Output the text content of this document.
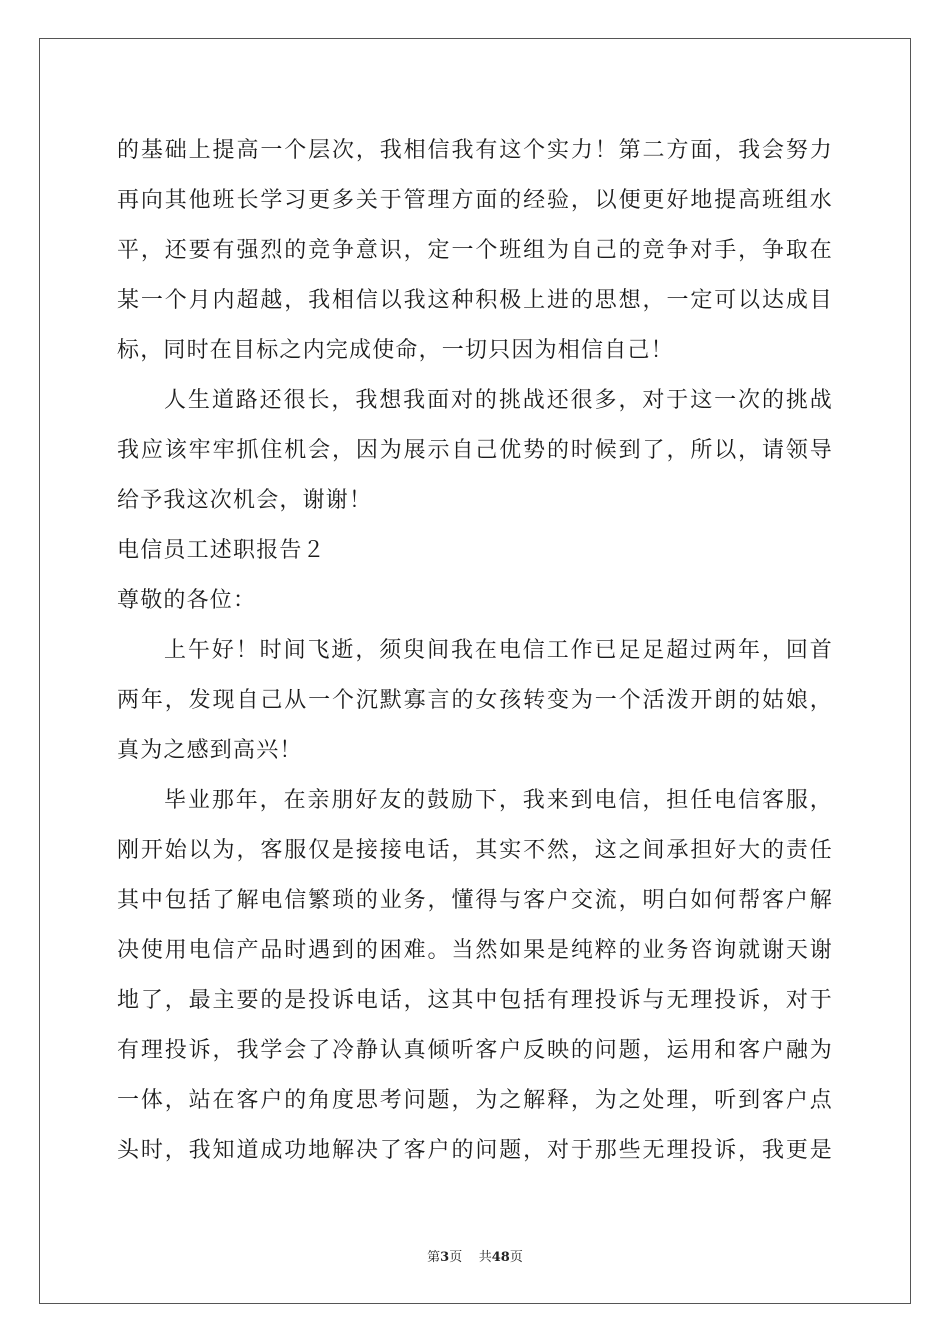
的基础上提高一个层次，我相信我有这个实力！第二方面，我会努力
再向其他班长学习更多关于管理方面的经验，以便更好地提高班组水
平，还要有强烈的竞争意识，定一个班组为自己的竞争对手，争取在
某一个月内超越，我相信以我这种积极上进的思想，一定可以达成目
标，同时在目标之内完成使命，一切只因为相信自己！
人生道路还很长，我想我面对的挑战还很多，对于这一次的挑战
我应该牢牢抓住机会，因为展示自己优势的时候到了，所以，请领导
给予我这次机会，谢谢！
电信员工述职报告２
尊敬的各位：
上午好！时间飞逝，须臾间我在电信工作已足足超过两年，回首
两年，发现自己从一个沉默寡言的女孩转变为一个活泼开朗的姑娘，
真为之感到高兴！
毕业那年，在亲朋好友的鼓励下，我来到电信，担任电信客服，
刚开始以为，客服仅是接接电话，其实不然，这之间承担好大的责任
其中包括了解电信繁琐的业务，懂得与客户交流，明白如何帮客户解
决使用电信产品时遇到的困难。当然如果是纯粹的业务咨询就谢天谢
地了，最主要的是投诉电话，这其中包括有理投诉与无理投诉，对于
有理投诉，我学会了冷静认真倾听客户反映的问题，运用和客户融为
一体，站在客户的角度思考问题，为之解释，为之处理，听到客户点
头时，我知道成功地解决了客户的问题，对于那些无理投诉，我更是
第3页 共48页
